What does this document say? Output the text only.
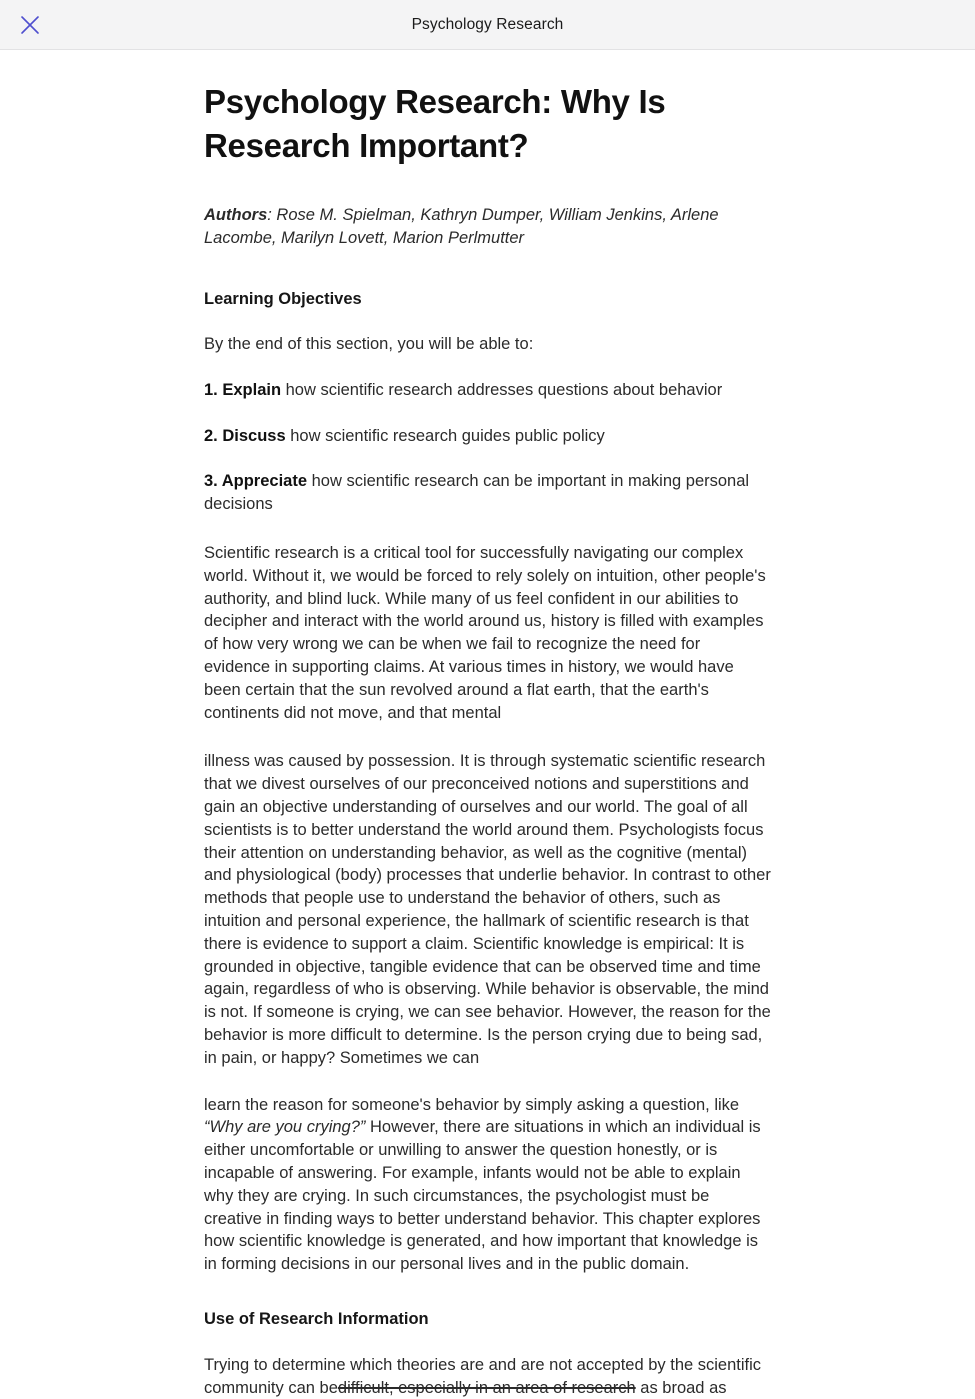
Psychology Research
Psychology Research: Why Is Research Important?

Authors: Rose M. Spielman, Kathryn Dumper, William Jenkins, Arlene Lacombe, Marilyn Lovett, Marion Perlmutter

Learning Objectives

By the end of this section, you will be able to:

1. Explain how scientific research addresses questions about behavior

2. Discuss how scientific research guides public policy

3. Appreciate how scientific research can be important in making personal decisions

Scientific research is a critical tool for successfully navigating our complex world. Without it, we would be forced to rely solely on intuition, other people's authority, and blind luck. While many of us feel confident in our abilities to decipher and interact with the world around us, history is filled with examples of how very wrong we can be when we fail to recognize the need for evidence in supporting claims. At various times in history, we would have been certain that the sun revolved around a flat earth, that the earth's continents did not move, and that mental

illness was caused by possession. It is through systematic scientific research that we divest ourselves of our preconceived notions and superstitions and gain an objective understanding of ourselves and our world. The goal of all scientists is to better understand the world around them. Psychologists focus their attention on understanding behavior, as well as the cognitive (mental) and physiological (body) processes that underlie behavior. In contrast to other methods that people use to understand the behavior of others, such as intuition and personal experience, the hallmark of scientific research is that there is evidence to support a claim. Scientific knowledge is empirical: It is grounded in objective, tangible evidence that can be observed time and time again, regardless of who is observing. While behavior is observable, the mind is not. If someone is crying, we can see behavior. However, the reason for the behavior is more difficult to determine. Is the person crying due to being sad, in pain, or happy? Sometimes we can

learn the reason for someone's behavior by simply asking a question, like “Why are you crying?” However, there are situations in which an individual is either uncomfortable or unwilling to answer the question honestly, or is incapable of answering. For example, infants would not be able to explain why they are crying. In such circumstances, the psychologist must be creative in finding ways to better understand behavior. This chapter explores how scientific knowledge is generated, and how important that knowledge is in forming decisions in our personal lives and in the public domain.

Use of Research Information

Trying to determine which theories are and are not accepted by the scientific community can bedifficult, especially in an area of research as broad as
